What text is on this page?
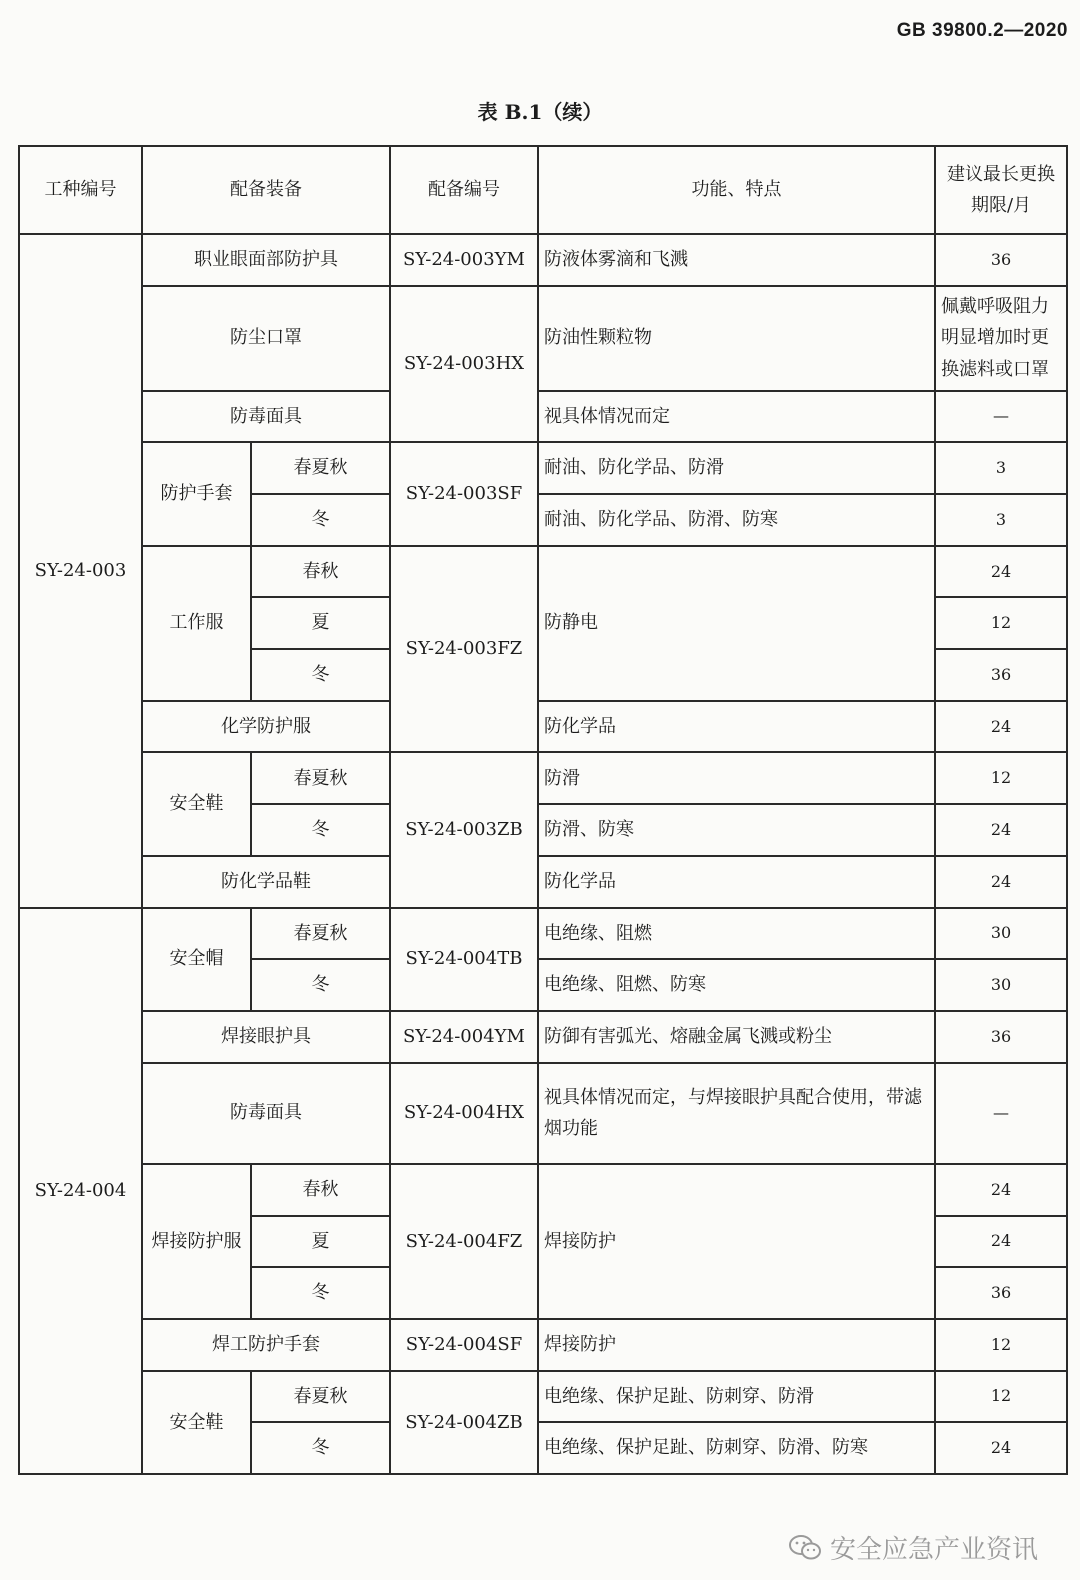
GB 39800.2—2020
表 B.1（续）
工种编号	配备装备		配备编号	功能、特点	建议最长更换期限/月
SY-24-003	职业眼面部防护具		SY-24-003YM	防液体雾滴和飞溅	36
	防尘口罩		SY-24-003HX	防油性颗粒物	佩戴呼吸阻力明显增加时更换滤料或口罩
	防毒面具			视具体情况而定	—
	防护手套	春夏秋	SY-24-003SF	耐油、防化学品、防滑	3
		冬		耐油、防化学品、防滑、防寒	3
	工作服	春秋	SY-24-003FZ	防静电	24
		夏			12
		冬			36
	化学防护服			防化学品	24
	安全鞋	春夏秋	SY-24-003ZB	防滑	12
		冬		防滑、防寒	24
	防化学品鞋			防化学品	24
SY-24-004	安全帽	春夏秋	SY-24-004TB	电绝缘、阻燃	30
		冬		电绝缘、阻燃、防寒	30
	焊接眼护具		SY-24-004YM	防御有害弧光、熔融金属飞溅或粉尘	36
	防毒面具		SY-24-004HX	视具体情况而定，与焊接眼护具配合使用，带滤烟功能	—
	焊接防护服	春秋	SY-24-004FZ	焊接防护	24
		夏			24
		冬			36
	焊工防护手套		SY-24-004SF	焊接防护	12
	安全鞋	春夏秋	SY-24-004ZB	电绝缘、保护足趾、防刺穿、防滑	12
		冬		电绝缘、保护足趾、防刺穿、防滑、防寒	24
安全应急产业资讯
